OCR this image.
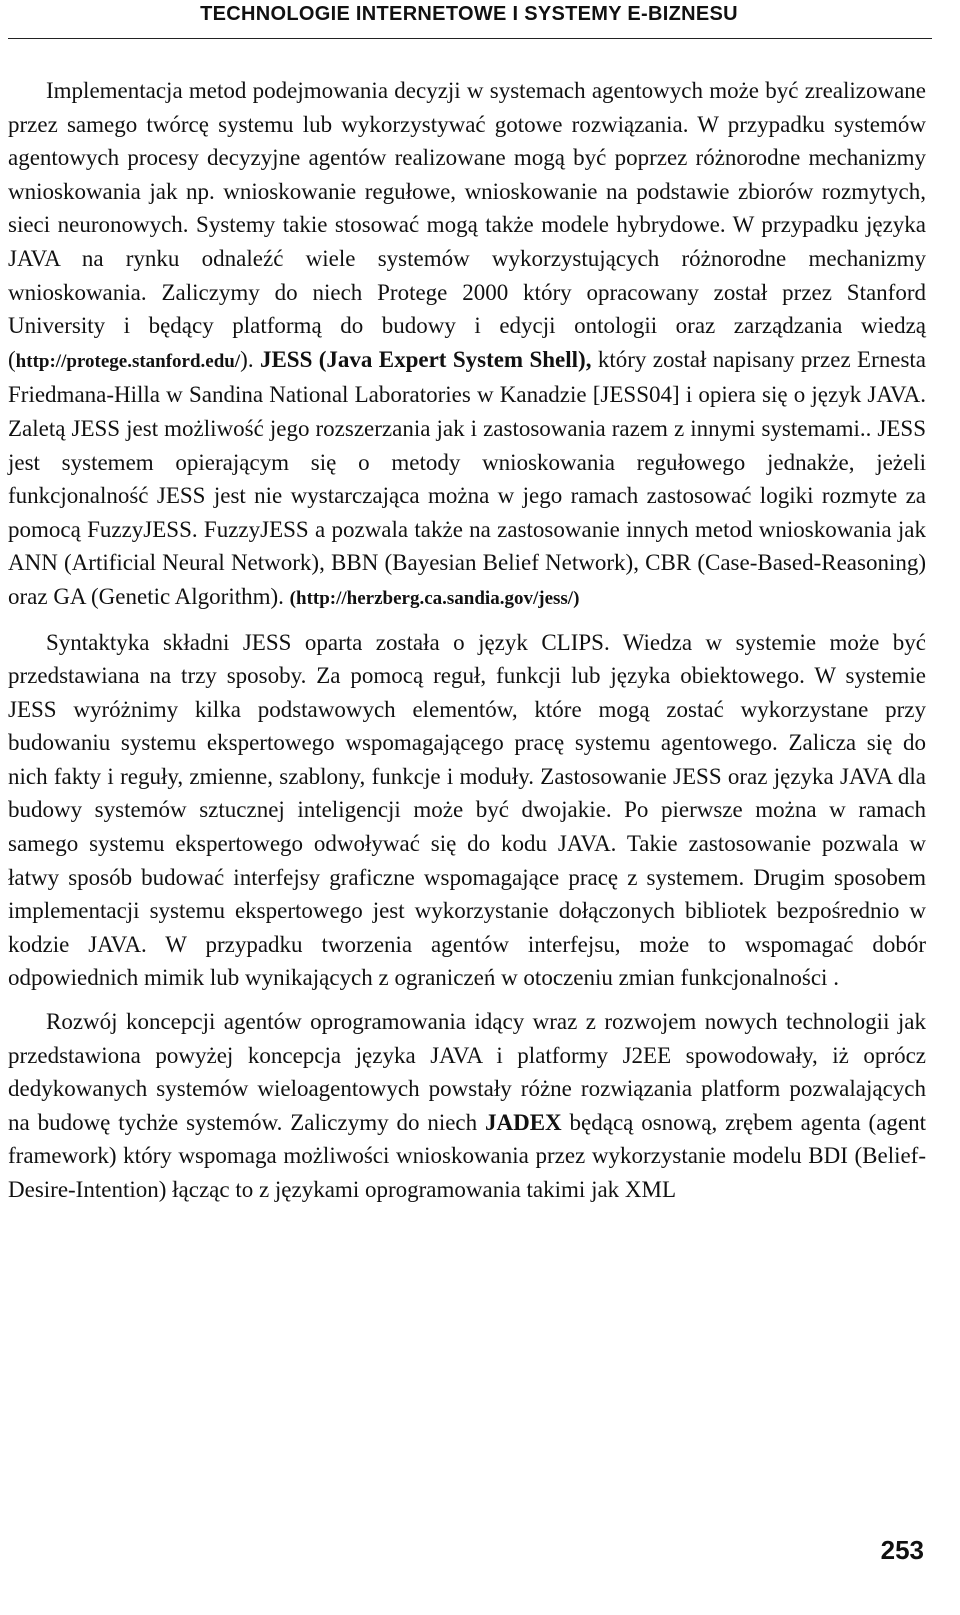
TECHNOLOGIE INTERNETOWE I SYSTEMY E-BIZNESU

Implementacja metod podejmowania decyzji w systemach agentowych może być zrealizowane przez samego twórcę systemu lub wykorzystywać gotowe rozwiązania. W przypadku systemów agentowych procesy decyzyjne agentów realizowane mogą być poprzez różnorodne mechanizmy wnioskowania jak np. wnioskowanie regułowe, wnioskowanie na podstawie zbiorów rozmytych, sieci neuronowych. Systemy takie stosować mogą także modele hybrydowe. W przypadku języka JAVA na rynku odnaleźć wiele systemów wykorzystujących różnorodne mechanizmy wnioskowania. Zaliczymy do niech Protege 2000 który opracowany został przez Stanford University i będący platformą do budowy i edycji ontologii oraz zarządzania wiedzą (http://protege.stanford.edu/). JESS (Java Expert System Shell), który został napisany przez Ernesta Friedmana-Hilla w Sandina National Laboratories w Kanadzie [JESS04] i opiera się o język JAVA. Zaletą JESS jest możliwość jego rozszerzania jak i zastosowania razem z innymi systemami.. JESS jest systemem opierającym się o metody wnioskowania regułowego jednakże, jeżeli funkcjonalność JESS jest nie wystarczająca można w jego ramach zastosować logiki rozmyte za pomocą FuzzyJESS. FuzzyJESS a pozwala także na zastosowanie innych metod wnioskowania jak ANN (Artificial Neural Network), BBN (Bayesian Belief Network), CBR (Case-Based-Reasoning) oraz GA (Genetic Algorithm). (http://herzberg.ca.sandia.gov/jess/)

Syntaktyka składni JESS oparta została o język CLIPS. Wiedza w systemie może być przedstawiana na trzy sposoby. Za pomocą reguł, funkcji lub języka obiektowego. W systemie JESS wyróżnimy kilka podstawowych elementów, które mogą zostać wykorzystane przy budowaniu systemu ekspertowego wspomagającego pracę systemu agentowego. Zalicza się do nich fakty i reguły, zmienne, szablony, funkcje i moduły. Zastosowanie JESS oraz języka JAVA dla budowy systemów sztucznej inteligencji może być dwojakie. Po pierwsze można w ramach samego systemu ekspertowego odwoływać się do kodu JAVA. Takie zastosowanie pozwala w łatwy sposób budować interfejsy graficzne wspomagające pracę z systemem. Drugim sposobem implementacji systemu ekspertowego jest wykorzystanie dołączonych bibliotek bezpośrednio w kodzie JAVA. W przypadku tworzenia agentów interfejsu, może to wspomagać dobór odpowiednich mimik lub wynikających z ograniczeń w otoczeniu zmian funkcjonalności .

Rozwój koncepcji agentów oprogramowania idący wraz z rozwojem nowych technologii jak przedstawiona powyżej koncepcja języka JAVA i platformy J2EE spowodowały, iż oprócz dedykowanych systemów wieloagentowych powstały różne rozwiązania platform pozwalających na budowę tychże systemów. Zaliczymy do niech JADEX będącą osnową, zrębem agenta (agent framework) który wspomaga możliwości wnioskowania przez wykorzystanie modelu BDI (Belief-Desire-Intention) łącząc to z językami oprogramowania takimi jak XML

253
